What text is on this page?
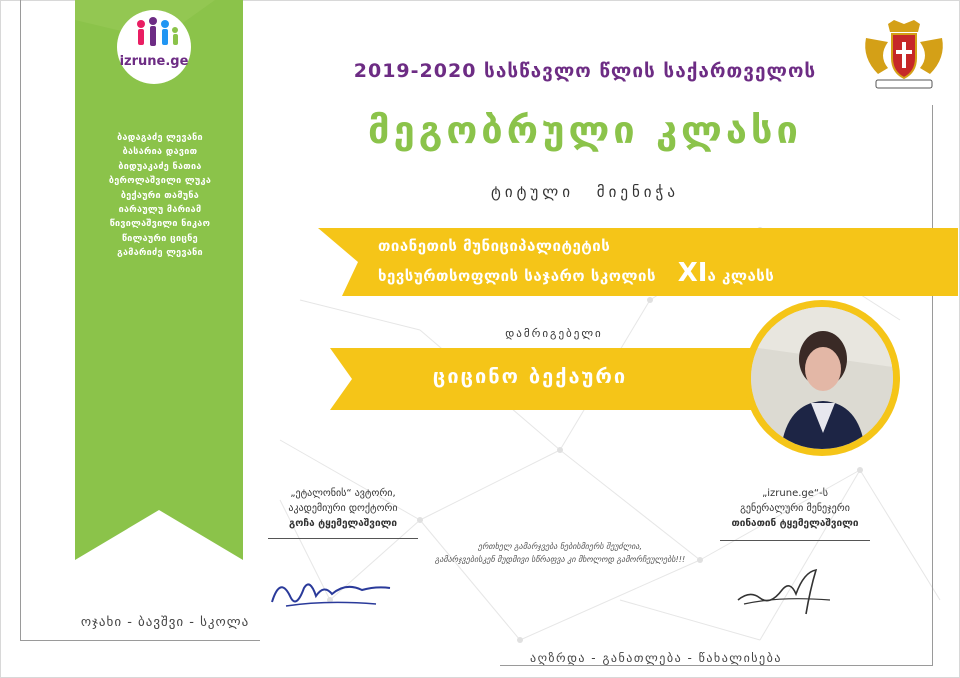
izrune.ge
ბადაგაძე ლევანი
ბასარია დავით
ბიდუაკაძე ნათია
ბეროლაშვილი ლუკა
ბექაური თამუნა
იარაულუ მარიამ
წივილაშვილი ნიკაო
წილაური ციცნე
გამარიძე ლევანი
2019-2020 სასწავლო წლის საქართველოს
მეგობრული კლასი
ტიტული მიენიჭა
თიანეთის მუნიციპალიტეტის
ხევსურთსოფლის საჯარო სკოლის XIა კლასს
დამრიგებელი
ციცინო ბექაური
„ეტალონის“ ავტორი,
აკადემიური დოქტორი
გოჩა ტყემელაშვილი
ერთხელ გამარჯვება ნებისმიერს შეუძლია,
გამარჯვებისკენ მუდმივი სწრაფვა კი მხოლოდ გამორჩეულებს!!!
„izrune.ge“-ს
გენერალური მენეჯერი
თინათინ ტყემელაშვილი
ოჯახი - ბავშვი - სკოლა
აღზრდა - განათლება - წახალისება
